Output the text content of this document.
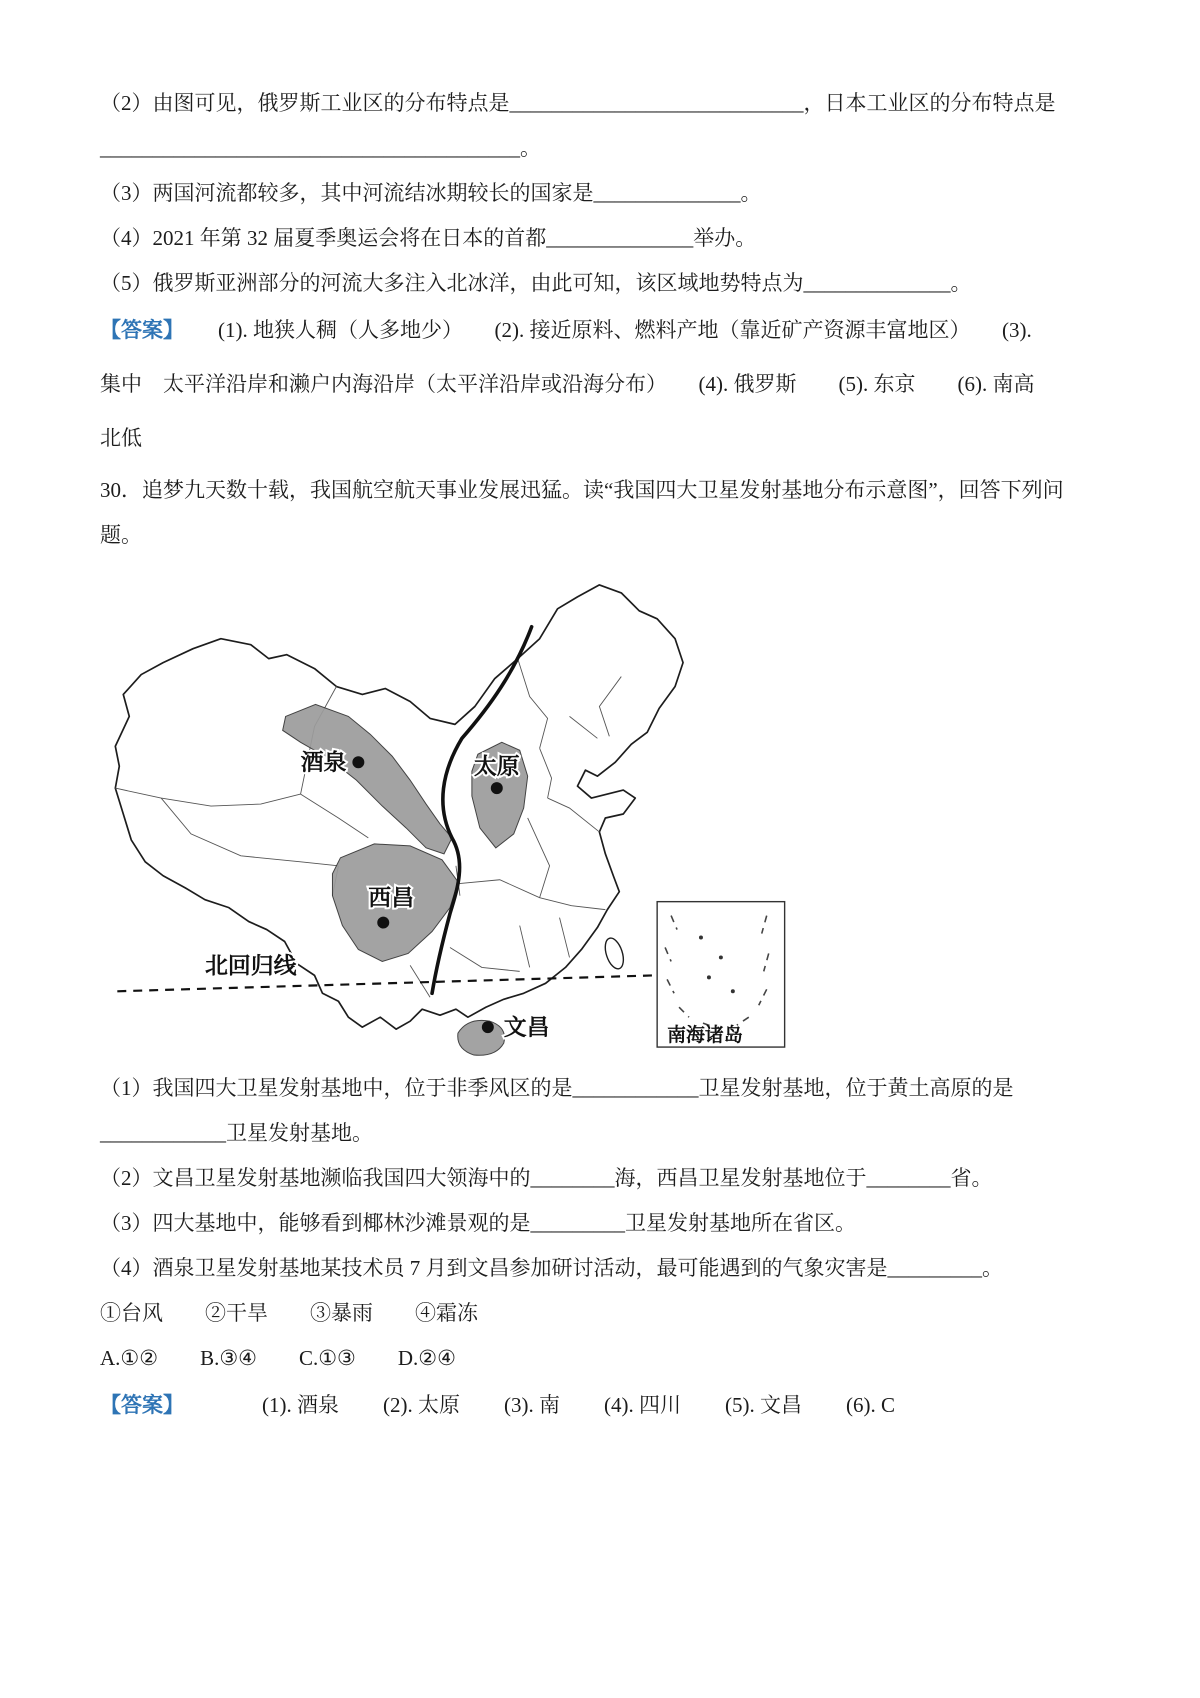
（2）由图可见，俄罗斯工业区的分布特点是____________________________，日本工业区的分布特点是

________________________________________。

（3）两国河流都较多，其中河流结冰期较长的国家是______________。

（4）2021 年第 32 届夏季奥运会将在日本的首都______________举办。

（5）俄罗斯亚洲部分的河流大多注入北冰洋，由此可知，该区域地势特点为______________。

【答案】 (1). 地狭人稠（人多地少）　　(2). 接近原料、燃料产地（靠近矿产资源丰富地区）　　(3).

集中　太平洋沿岸和濑户内海沿岸（太平洋沿岸或沿海分布）　　(4). 俄罗斯　　(5). 东京　　(6). 南高

北低

30．追梦九天数十载，我国航空航天事业发展迅猛。读“我国四大卫星发射基地分布示意图”，回答下列问

题。

北回归线
酒泉	太原
西昌
文昌	南海诸岛

（1）我国四大卫星发射基地中，位于非季风区的是____________卫星发射基地，位于黄土高原的是

____________卫星发射基地。

（2）文昌卫星发射基地濒临我国四大领海中的________海，西昌卫星发射基地位于________省。

（3）四大基地中，能够看到椰林沙滩景观的是_________卫星发射基地所在省区。

（4）酒泉卫星发射基地某技术员 7 月到文昌参加研讨活动，最可能遇到的气象灾害是_________。

①台风　　②干旱　　③暴雨　　④霜冻

A.①②　　B.③④　　C.①③　　D.②④

【答案】	(1). 酒泉 (2). 太原 (3). 南 (4). 四川 (5). 文昌 (6). C
